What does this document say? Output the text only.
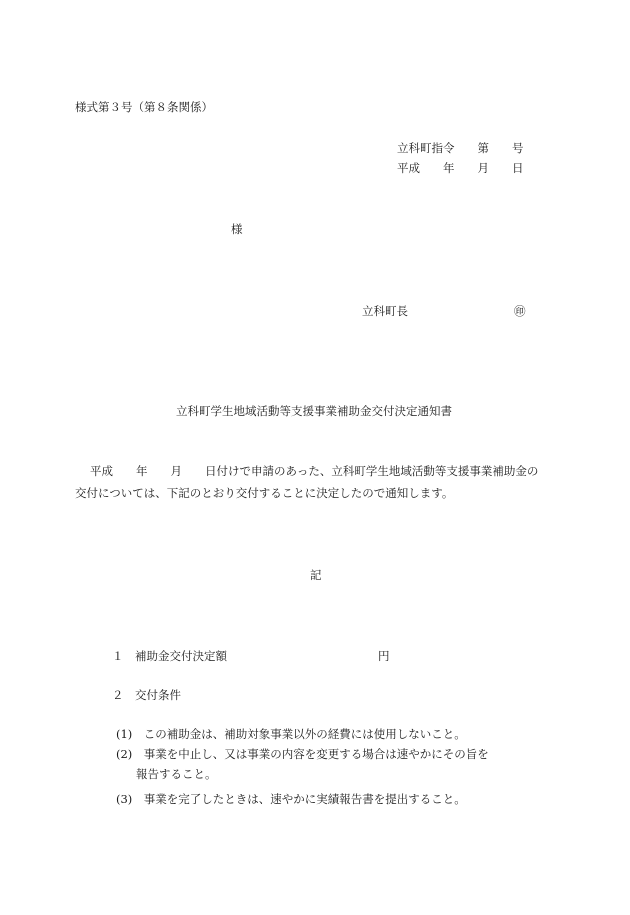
様式第３号（第８条関係）
立科町指令　　第　　号
平成　　年　　月　　日
様
立科町長	㊞
立科町学生地域活動等支援事業補助金交付決定通知書
平成　　年　　月　　日付けで申請のあった、立科町学生地域活動等支援事業補助金の
交付については、下記のとおり交付することに決定したので通知します。
記
１　補助金交付決定額	円
２　交付条件
(1)　この補助金は、補助対象事業以外の経費には使用しないこと。
(2)　事業を中止し、又は事業の内容を変更する場合は速やかにその旨を
報告すること。
(3)　事業を完了したときは、速やかに実績報告書を提出すること。
